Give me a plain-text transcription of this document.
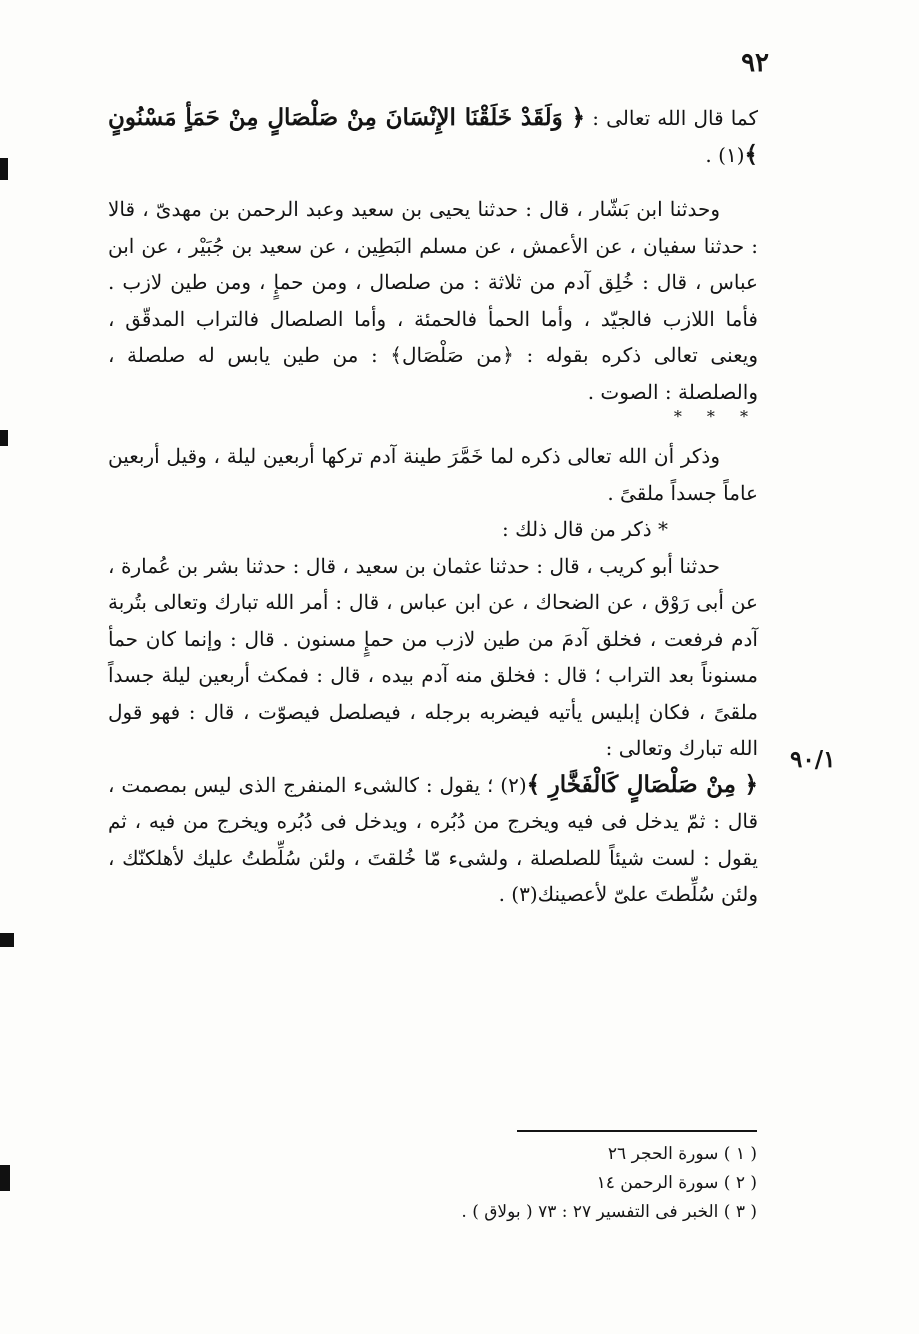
٩٢
٩٠/١

كما قال الله تعالى : ﴿ وَلَقَدْ خَلَقْنَا الإِنْسَانَ مِنْ صَلْصَالٍ مِنْ حَمَأٍ مَسْنُونٍ ﴾(١) .

وحدثنا ابن بَشّار ، قال : حدثنا يحيى بن سعيد وعبد الرحمن بن مهدىّ ، قالا : حدثنا سفيان ، عن الأعمش ، عن مسلم البَطِين ، عن سعيد بن جُبَيْر ، عن ابن عباس ، قال : خُلِق آدم من ثلاثة : من صلصال ، ومن حمإٍ ، ومن طين لازب . فأما اللازب فالجيّد ، وأما الحمأ فالحمئة ، وأما الصلصال فالتراب المدقّق ، ويعنى تعالى ذكره بقوله : ﴿من صَلْصَال﴾ : من طين يابس له صلصلة ، والصلصلة : الصوت .

* * *

وذكر أن الله تعالى ذكره لما خَمَّرَ طينة آدم تركها أربعين ليلة ، وقيل أربعين عاماً جسداً ملقىً .

* ذكر من قال ذلك :

حدثنا أبو كريب ، قال : حدثنا عثمان بن سعيد ، قال : حدثنا بشر بن عُمارة ، عن أبى رَوْق ، عن الضحاك ، عن ابن عباس ، قال : أمر الله تبارك وتعالى بتُربة آدم فرفعت ، فخلق آدمَ من طين لازب من حمإٍ مسنون . قال : وإنما كان حمأ مسنوناً بعد التراب ؛ قال : فخلق منه آدم بيده ، قال : فمكث أربعين ليلة جسداً ملقىً ، فكان إبليس يأتيه فيضربه برجله ، فيصلصل فيصوّت ، قال : فهو قول الله تبارك وتعالى :

﴿ مِنْ صَلْصَالٍ كَالْفَخَّارِ ﴾(٢) ؛ يقول : كالشىء المنفرج الذى ليس بمصمت ، قال : ثمّ يدخل فى فيه ويخرج من دُبُره ، ويدخل فى دُبُره ويخرج من فيه ، ثم يقول : لست شيئاً للصلصلة ، ولشىء مّا خُلقتَ ، ولئن سُلِّطتُ عليك لأهلكنّك ، ولئن سُلِّطتَ علىّ لأعصينك(٣) .

( ١ ) سورة الحجر ٢٦

( ٢ ) سورة الرحمن ١٤

( ٣ ) الخبر فى التفسير ٢٧ : ٧٣ ( بولاق ) .
